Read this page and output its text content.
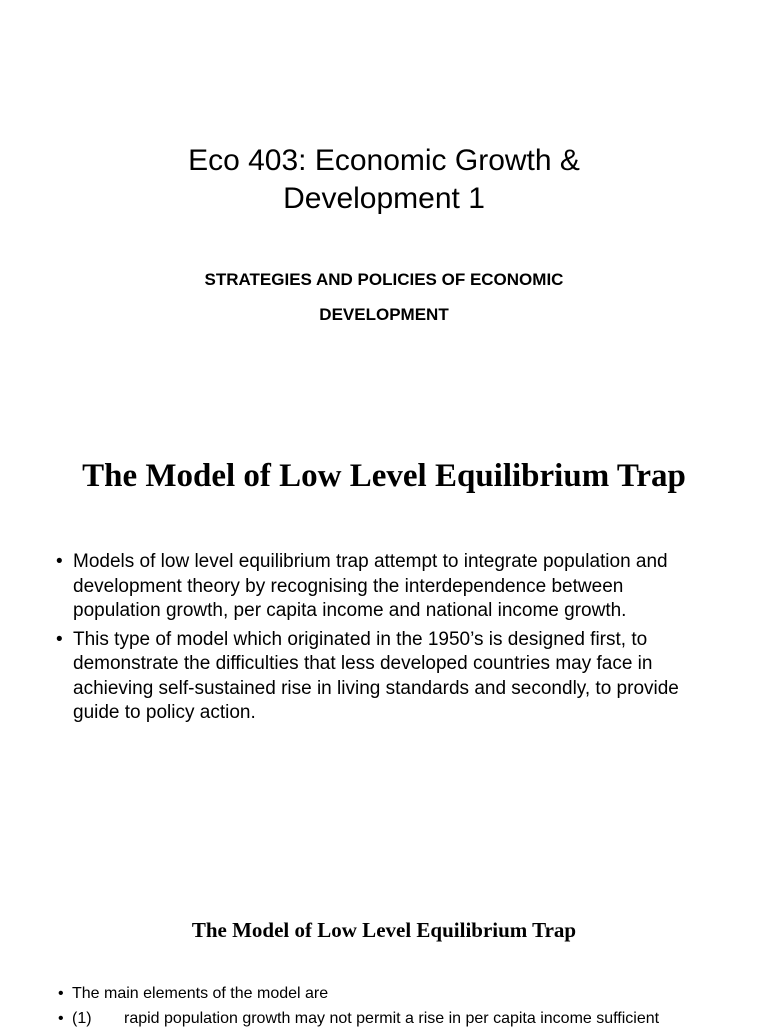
Eco 403: Economic Growth &
Development 1
STRATEGIES AND POLICIES OF ECONOMIC
DEVELOPMENT
The Model of Low Level Equilibrium Trap
• Models of low level equilibrium trap attempt to integrate population and development theory by recognising the interdependence between population growth, per capita income and national income growth.
• This type of model which originated in the 1950’s is designed first, to demonstrate the difficulties that less developed countries may face in achieving self-sustained rise in living standards and secondly, to provide guide to policy action.
The Model of Low Level Equilibrium Trap
• The main elements of the model are
• (1) rapid population growth may not permit a rise in per capita income sufficient
